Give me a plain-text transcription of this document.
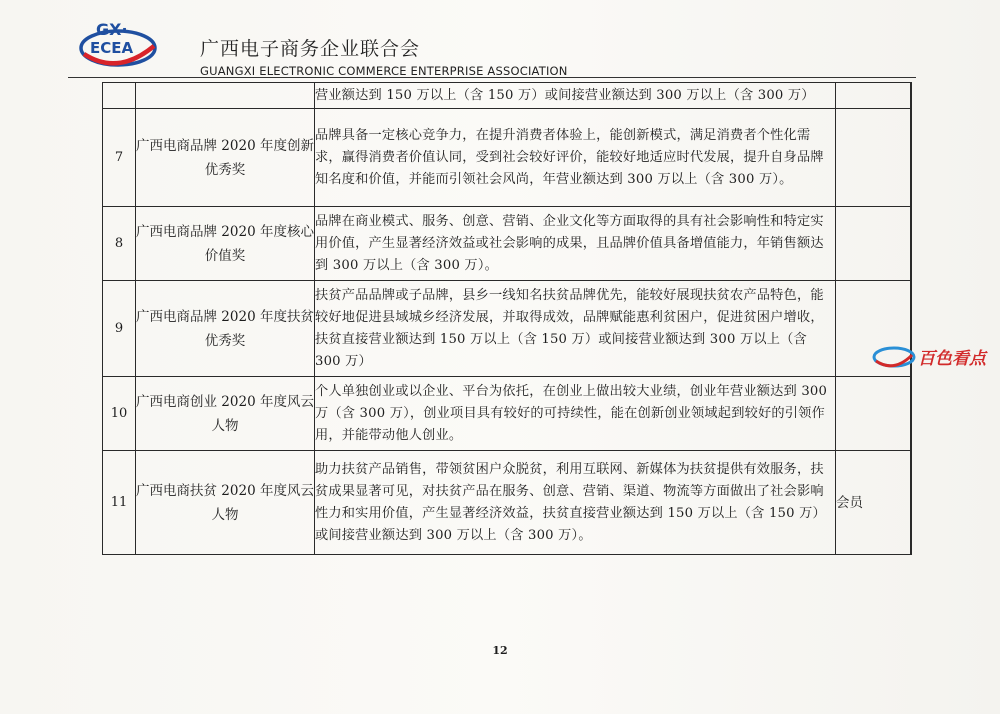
GX·
ECEA	广西电子商务企业联合会
GUANGXI ELECTRONIC COMMERCE ENTERPRISE ASSOCIATION
		营业额达到 150 万以上（含 150 万）或间接营业额达到 300 万以上（含 300 万）	
7	广西电商品牌 2020 年度创新优秀奖	品牌具备一定核心竞争力，在提升消费者体验上，能创新模式，满足消费者个性化需求，赢得消费者价值认同，受到社会较好评价，能较好地适应时代发展，提升自身品牌知名度和价值，并能而引领社会风尚，年营业额达到 300 万以上（含 300 万）。	
8	广西电商品牌 2020 年度核心价值奖	品牌在商业模式、服务、创意、营销、企业文化等方面取得的具有社会影响性和特定实用价值，产生显著经济效益或社会影响的成果，且品牌价值具备增值能力，年销售额达到 300 万以上（含 300 万）。	
9	广西电商品牌 2020 年度扶贫优秀奖	扶贫产品品牌或子品牌，县乡一线知名扶贫品牌优先，能较好展现扶贫农产品特色，能较好地促进县域城乡经济发展，并取得成效，品牌赋能惠利贫困户，促进贫困户增收，扶贫直接营业额达到 150 万以上（含 150 万）或间接营业额达到 300 万以上（含 300 万）	
10	广西电商创业 2020 年度风云人物	个人单独创业或以企业、平台为依托，在创业上做出较大业绩，创业年营业额达到 300 万（含 300 万），创业项目具有较好的可持续性，能在创新创业领域起到较好的引领作用，并能带动他人创业。	
11	广西电商扶贫 2020 年度风云人物	助力扶贫产品销售，带领贫困户众脱贫，利用互联网、新媒体为扶贫提供有效服务，扶贫成果显著可见，对扶贫产品在服务、创意、营销、渠道、物流等方面做出了社会影响性力和实用价值，产生显著经济效益，扶贫直接营业额达到 150 万以上（含 150 万）或间接营业额达到 300 万以上（含 300 万）。	会员
12
百色看点
